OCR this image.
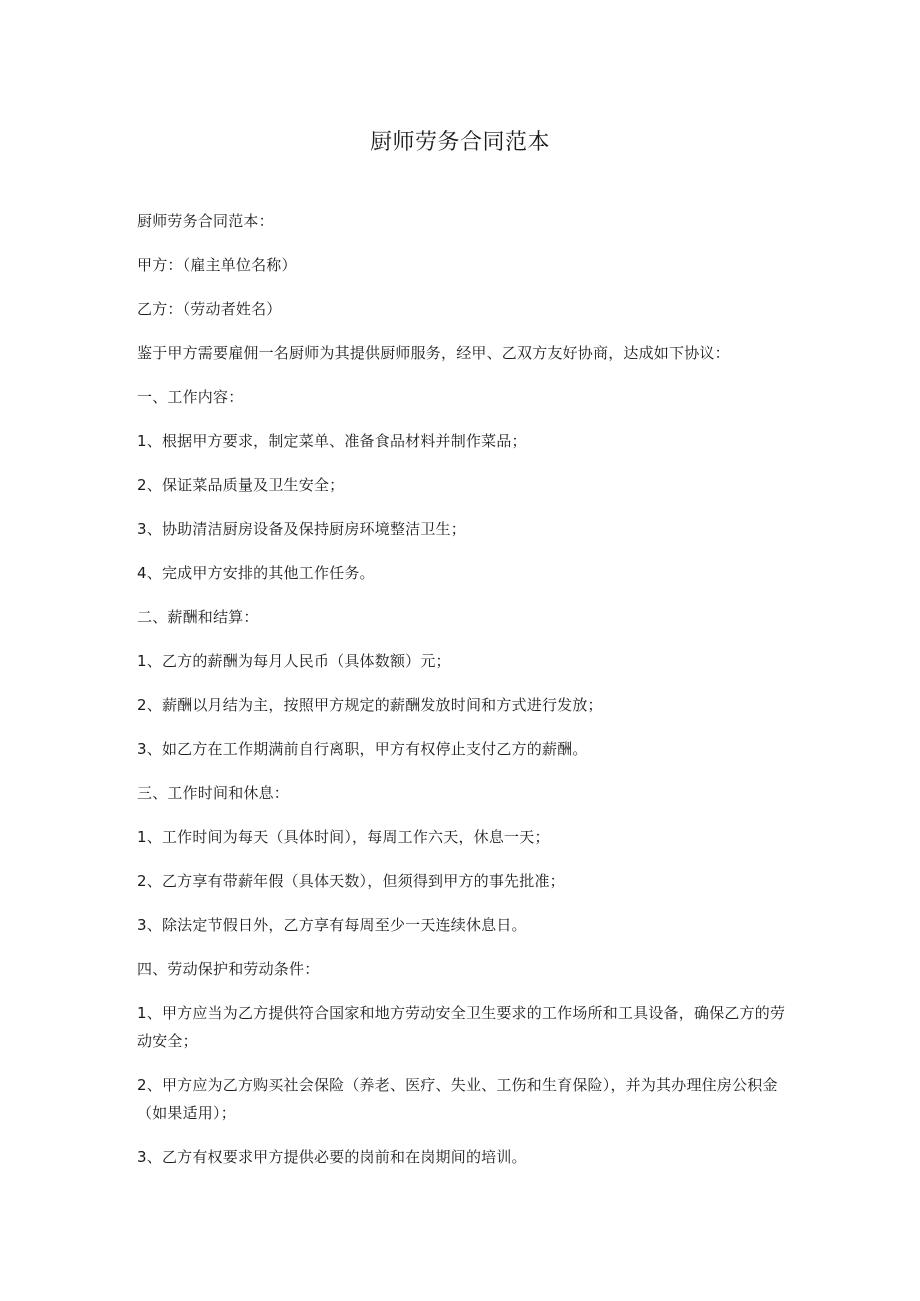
厨师劳务合同范本

厨师劳务合同范本：

甲方：（雇主单位名称）

乙方：（劳动者姓名）

鉴于甲方需要雇佣一名厨师为其提供厨师服务，经甲、乙双方友好协商，达成如下协议：

一、工作内容：

1、根据甲方要求，制定菜单、准备食品材料并制作菜品；

2、保证菜品质量及卫生安全；

3、协助清洁厨房设备及保持厨房环境整洁卫生；

4、完成甲方安排的其他工作任务。

二、薪酬和结算：

1、乙方的薪酬为每月人民币（具体数额）元；

2、薪酬以月结为主，按照甲方规定的薪酬发放时间和方式进行发放；

3、如乙方在工作期满前自行离职，甲方有权停止支付乙方的薪酬。

三、工作时间和休息：

1、工作时间为每天（具体时间），每周工作六天，休息一天；

2、乙方享有带薪年假（具体天数），但须得到甲方的事先批准；

3、除法定节假日外，乙方享有每周至少一天连续休息日。

四、劳动保护和劳动条件：

1、甲方应当为乙方提供符合国家和地方劳动安全卫生要求的工作场所和工具设备，确保乙方的劳动安全；

2、甲方应为乙方购买社会保险（养老、医疗、失业、工伤和生育保险），并为其办理住房公积金（如果适用）；

3、乙方有权要求甲方提供必要的岗前和在岗期间的培训。
